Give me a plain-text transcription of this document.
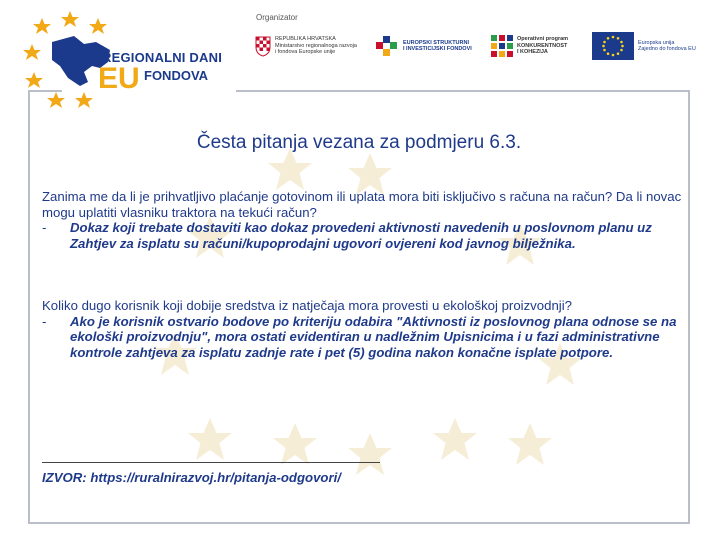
REGIONALNI DANI
EU FONDOVA
Organizator
REPUBLIKA HRVATSKA
Ministarstvo regionalnoga razvoja
i fondova Europske unije
EUROPSKI STRUKTURNI
I INVESTICIJSKI FONDOVI
Operativni program
KONKURENTNOST
I KOHEZIJA
Europska unija
Zajedno do fondova EU
Česta pitanja vezana za podmjeru 6.3.

Zanima me da li je prihvatljivo plaćanje gotovinom ili uplata mora biti isključivo s računa na račun? Da li novac mogu uplatiti vlasniku traktora na tekući račun?

- Dokaz koji trebate dostaviti kao dokaz provedeni aktivnosti navedenih u poslovnom planu uz Zahtjev za isplatu su računi/kupoprodajni ugovori ovjereni kod javnog bilježnika.

Koliko dugo korisnik koji dobije sredstva iz natječaja mora provesti u ekološkoj proizvodnji?

- Ako je korisnik ostvario bodove po kriteriju odabira "Aktivnosti iz poslovnog plana odnose se na ekološki proizvodnju", mora ostati evidentiran u nadležnim Upisnicima i u fazi administrativne kontrole zahtjeva za isplatu zadnje rate i pet (5) godina nakon konačne isplate potpore.

IZVOR: https://ruralnirazvoj.hr/pitanja-odgovori/
